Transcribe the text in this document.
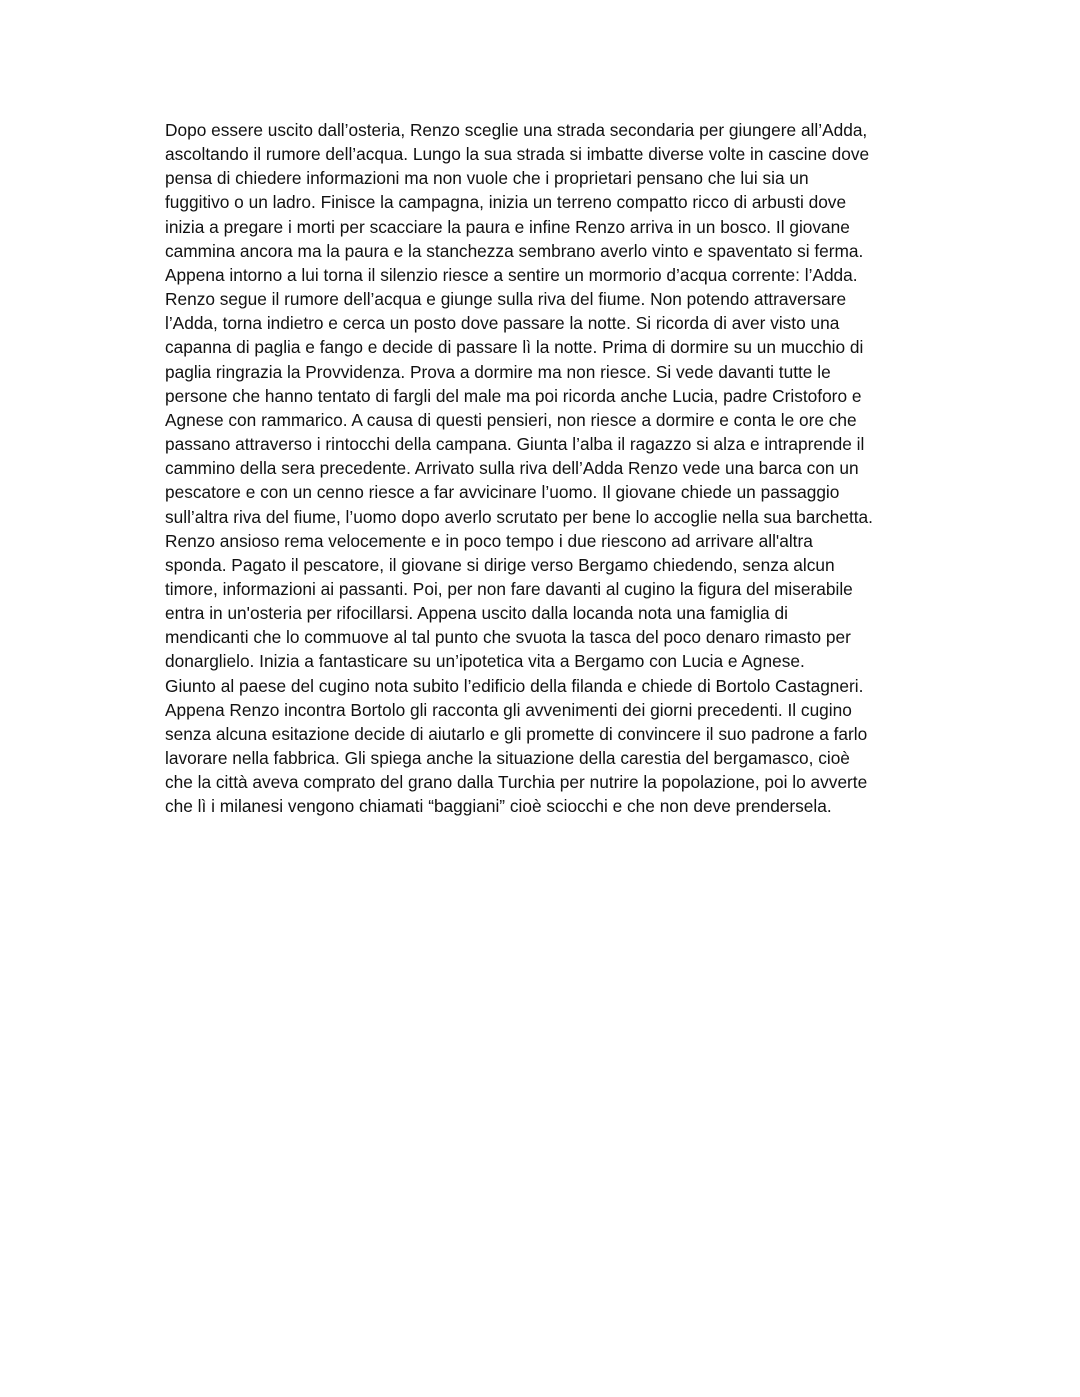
Dopo essere uscito dall’osteria, Renzo sceglie una strada secondaria per giungere all’Adda,
ascoltando il rumore dell’acqua. Lungo la sua strada si imbatte diverse volte in cascine dove
pensa di chiedere informazioni ma non vuole che i proprietari pensano che lui sia un
fuggitivo o un ladro. Finisce la campagna, inizia un terreno compatto ricco di arbusti dove
inizia a pregare i morti per scacciare la paura e infine Renzo arriva in un bosco. Il giovane
cammina ancora ma la paura e la stanchezza sembrano averlo vinto e spaventato si ferma.
Appena intorno a lui torna il silenzio riesce a sentire un mormorio d’acqua corrente: l’Adda.
Renzo segue il rumore dell’acqua e giunge sulla riva del fiume. Non potendo attraversare
l’Adda, torna indietro e cerca un posto dove passare la notte. Si ricorda di aver visto una
capanna di paglia e fango e decide di passare lì la notte. Prima di dormire su un mucchio di
paglia ringrazia la Provvidenza. Prova a dormire ma non riesce. Si vede davanti tutte le
persone che hanno tentato di fargli del male ma poi ricorda anche Lucia, padre Cristoforo e
Agnese con rammarico. A causa di questi pensieri, non riesce a dormire e conta le ore che
passano attraverso i rintocchi della campana. Giunta l’alba il ragazzo si alza e intraprende il
cammino della sera precedente. Arrivato sulla riva dell’Adda Renzo vede una barca con un
pescatore e con un cenno riesce a far avvicinare l’uomo. Il giovane chiede un passaggio
sull’altra riva del fiume, l’uomo dopo averlo scrutato per bene lo accoglie nella sua barchetta.
Renzo ansioso rema velocemente e in poco tempo i due riescono ad arrivare all'altra
sponda. Pagato il pescatore, il giovane si dirige verso Bergamo chiedendo, senza alcun
timore, informazioni ai passanti. Poi, per non fare davanti al cugino la figura del miserabile
entra in un'osteria per rifocillarsi. Appena uscito dalla locanda nota una famiglia di
mendicanti che lo commuove al tal punto che svuota la tasca del poco denaro rimasto per
donarglielo. Inizia a fantasticare su un’ipotetica vita a Bergamo con Lucia e Agnese.
Giunto al paese del cugino nota subito l’edificio della filanda e chiede di Bortolo Castagneri.
Appena Renzo incontra Bortolo gli racconta gli avvenimenti dei giorni precedenti. Il cugino
senza alcuna esitazione decide di aiutarlo e gli promette di convincere il suo padrone a farlo
lavorare nella fabbrica. Gli spiega anche la situazione della carestia del bergamasco, cioè
che la città aveva comprato del grano dalla Turchia per nutrire la popolazione, poi lo avverte
che lì i milanesi vengono chiamati “baggiani” cioè sciocchi e che non deve prendersela.
